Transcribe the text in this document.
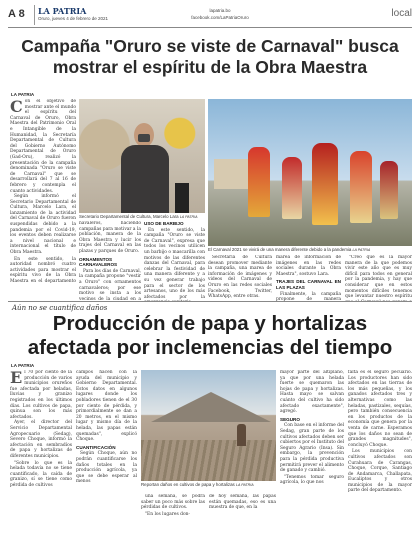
A 8 LA PATRIA
Oruro, jueves 4 de febrero de 2021
lapatria.bo
facebook.com/LaPatriaOruro	local
Campaña "Oruro se viste de Carnaval" busca mostrar el espíritu de la Obra Maestra
LA PATRIA
Con el objetivo de mostrar ante el mundo el espíritu del Carnaval de Oruro, Obra Maestra del Patrimonio Oral e Intangible de la Humanidad, la Secretaría Departamental de Cultura del Gobierno Autónomo Departamental de Oruro (Gad-Oru), realizó la presentación de la campaña denominada "Oruro se viste de Carnaval" que se desarrollará del 7 al 16 de febrero y contempla el cuanto actividades.

Según informó el Secretario Departamental de Cultura, Marcelo Lara, el lanzamiento de la actividad del Carnaval de Oruro fueron suspendidas debido a la pandemia por el Covid-19, los eventos deben realizarse a nivel nacional e internacional el título de Obra Maestra.

En este sentido, la autoridad nombró cuatro actividades para mostrar el espíritu vivo de la Obra Maestra en el departamento

Secretario Departamental de Cultura, Marcelo Lara LA PATRIA
El Carnaval 2021 se vivirá de una manera diferente debido a la pandemia LA PATRIA

navaleros, haciendo campañas para motivar a la población, manera de la Obra Maestra y lucir los trajes del Carnaval en las plazas y parques de Oruro.

ORNAMENTOS CARNAVALEROS

Para los días de Carnaval, la campaña propone "vestir a Oruro" con ornamentos carnavaleros; por ese motivo se insta a los vecinos de la ciudad en a

USO DE BARBIJO

En este sentido, la campaña "Oruro se viste de Carnaval", expresa que todos los vecinos utilicen un barbijo o mascarilla con motivos de las diferentes danzas del Carnaval, para celebrar la festividad de una manera diferente y a su vez generar trabajo para el sector de los artesanos, uno de los más afectados por la

Secretaría de Cultura desean promover mediante la campaña, una marea de información de imágenes y videos del Carnaval de Oruro en las redes sociales Facebook, Twitter, WhatsApp, entre otras.

marea de información de imágenes en las redes sociales durante la Obra Maestra", sostuvo Lara.

TRAJES DEL CARNAVAL EN LAS PLAZAS

Finalmente, la campaña propone de manera

"Creo que es la mayor manera de la que podemos vivir este año que es muy difícil para todos en general por la pandemia, y hay que considerar que en estos momentos difíciles tenemos que levantar nuestro espíritu

Aún no se cuantifica daños
Producción de papa y hortalizas afectada por inclemencias del tiempo
LA PATRIA
El 70 por ciento de la producción de varios municipios orureños fue afectada por heladas, lluvias y granizo registrados en los últimos días. Los cultivos de papa, quinua son los más afectados.

Ayer, el director del Servicio Departamental Agropecuario (Sedag), Severo Choque, informó la afectación en sembradíos de papa y hortalizas de diferentes municipios.

"Sobre lo que es la helada todavía no se tiene cuantificado, la caída de granizo, sí se tiene como pérdida de cultivos

campos hacen con la ayuda del municipio y Gobierno Departamental. Estos datos en algunos lugares donde los pobladores tienen de el 30 por ciento de pérdida, y primordialmente se dan a 20 metros, en el mismo lugar y mismo día de la helada, las papas están quemadas", explicó Choque.

CUANTIFICACIÓN

Según Choque, aún no podrán cuantificarse los daños totales en la producción agrícola, ya que se debe esperar al menos

Reportan daños en cultivos de papa y hortalizas LA PATRIA

una semana, se podrá saber un poco más sobre las pérdidas de cultivos.

"En los lugares don-

de hoy semana, las papas están quemadas, eso es una muestra de que, en la

mayor parte del altiplano, ya que por una helada fuerte se quemaron las hojas de papa y hortalizas. Hasta mayo se salvan cuánto del cultivo ha sido afectado exactamente", agregó.

SEGURO

Con base en el informe del Sedag, gran parte de los cultivos afectados deben ser cubiertos por el Instituto del Seguro Agrario (Insa). Sin embargo, la prevención para la pérdida productiva permitirá prever el alimento de ganado y cambió.

"Tenemos tomar seguro agrícola, lo que nos

falta es el seguro pecuario. Los productores han sido afectados en las tierras de los más pequeñas, y los ganados afectados tres y alternativas como las heladas, pastizales, sequías, pero también consecuencia en los productos de la economía que genera por la venta de carne. Esperamos que los daños no sean de grandes magnitudes", concluyó Choque.

Los municipios con cultivos afectados son Curahuara de Carangas, Choque, Corque, Santiago de Andamarca, Challapata, Eucaliptos y otros municipios de la mayor parte del departamento.
